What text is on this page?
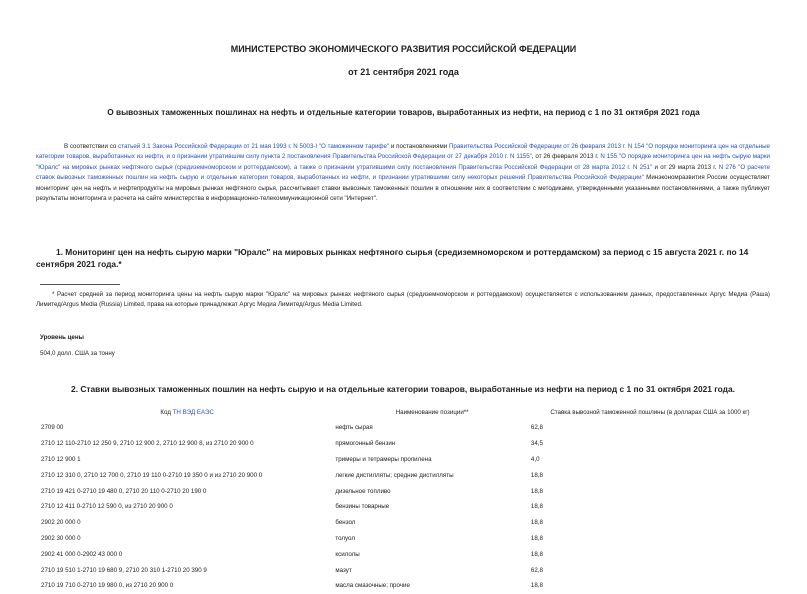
МИНИСТЕРСТВО ЭКОНОМИЧЕСКОГО РАЗВИТИЯ РОССИЙСКОЙ ФЕДЕРАЦИИ
от 21 сентября 2021 года
О вывозных таможенных пошлинах на нефть и отдельные категории товаров, выработанных из нефти, на период с 1 по 31 октября 2021 года
В соответствии со статьей 3.1 Закона Российской Федерации от 21 мая 1993 г. N 5003-I "О таможенном тарифе" и постановлениями Правительства Российской Федерации от 26 февраля 2013 г. N 154 "О порядке мониторинга цен на отдельные категории товаров, выработанных из нефти, и о признании утратившим силу пункта 2 постановления Правительства Российской Федерации от 27 декабря 2010 г. N 1155", от 26 февраля 2013 г. N 155 "О порядке мониторинга цен на нефть сырую марки "Юралс" на мировых рынках нефтяного сырья (средиземноморском и роттердамском), а также о признании утратившими силу постановления Правительства Российской Федерации от 28 марта 2012 г. N 251" и от 29 марта 2013 г. N 276 "О расчете ставок вывозных таможенных пошлин на нефть сырую и отдельные категории товаров, выработанных из нефти, и признании утратившими силу некоторых решений Правительства Российской Федерации" Минэкономразвития России осуществляет мониторинг цен на нефть и нефтепродукты на мировых рынках нефтяного сырья, рассчитывает ставки вывозных таможенных пошлин в отношении них в соответствии с методиками, утвержденными указанными постановлениями, а также публикует результаты мониторинга и расчета на сайте министерства в информационно-телекоммуникационной сети "Интернет".
1. Мониторинг цен на нефть сырую марки "Юралс" на мировых рынках нефтяного сырья (средиземноморском и роттердамском) за период с 15 августа 2021 г. по 14 сентября 2021 года.*
* Расчет средней за период мониторинга цены на нефть сырую марки "Юралс" на мировых рынках нефтяного сырья (средиземноморском и роттердамском) осуществляется с использованием данных, предоставленных Аргус Медиа (Раша) Лимитед/Argus Media (Russia) Limited, права на которые принадлежат Аргус Медиа Лимитед/Argus Media Limited.
Уровень цены
504,0 долл. США за тонну
2. Ставки вывозных таможенных пошлин на нефть сырую и на отдельные категории товаров, выработанные из нефти на период с 1 по 31 октября 2021 года.
Код ТН ВЭД ЕАЭС	Наименование позиции**	Ставка вывозной таможенной пошлины (в долларах США за 1000 кг)
2709 00	нефть сырая	62,8
2710 12 110-2710 12 250 9, 2710 12 900 2, 2710 12 900 8, из 2710 20 900 0	прямогонный бензин	34,5
2710 12 900 1	тримеры и тетрамеры пропилена	4,0
2710 12 310 0, 2710 12 700 0, 2710 19 110 0-2710 19 350 0 и из 2710 20 900 0	легкие дистилляты; средние дистилляты	18,8
2710 19 421 0-2710 19 480 0, 2710 20 110 0-2710 20 190 0	дизельное топливо	18,8
2710 12 411 0-2710 12 590 0, из 2710 20 900 0	бензины товарные	18,8
2902 20 000 0	бензол	18,8
2902 30 000 0	толуол	18,8
2902 41 000 0-2902 43 000 0	ксилолы	18,8
2710 19 510 1-2710 19 680 9, 2710 20 310 1-2710 20 390 9	мазут	62,8
2710 19 710 0-2710 19 980 0, из 2710 20 900 0	масла смазочные; прочие	18,8
